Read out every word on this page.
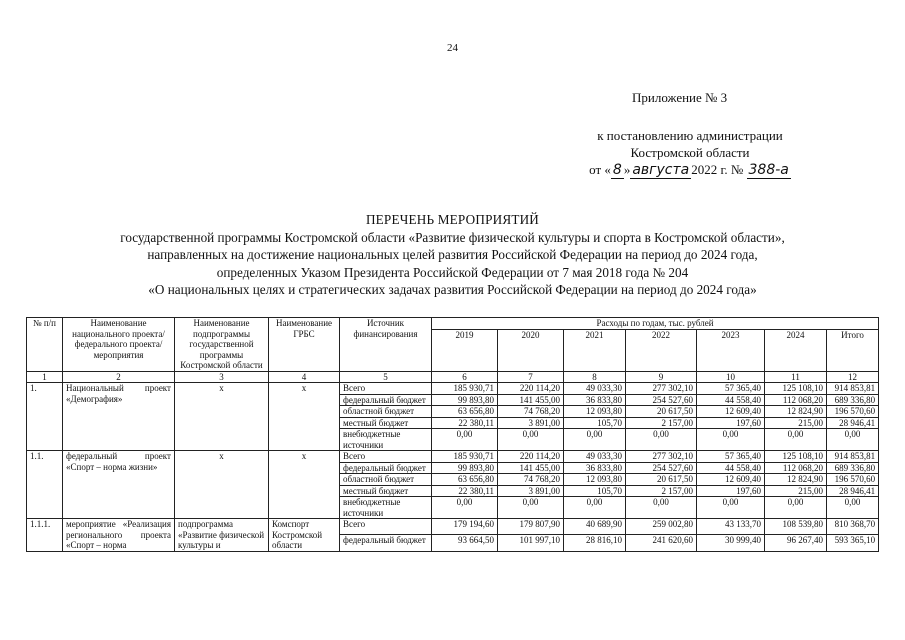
24
Приложение № 3
к постановлению администрации
Костромской области
от « 8 » августа 2022 г. № 388-а
ПЕРЕЧЕНЬ МЕРОПРИЯТИЙ
государственной программы Костромской области «Развитие физической культуры и спорта в Костромской области»,
направленных на достижение национальных целей развития Российской Федерации на период до 2024 года,
определенных Указом Президента Российской Федерации от 7 мая 2018 года № 204
«О национальных целях и стратегических задачах развития Российской Федерации на период до 2024 года»
№ п/п	Наименование национального проекта/федерального проекта/мероприятия	Наименование подпрограммы государственной программы Костромской области	Наименование ГРБС	Источник финансирования	Расходы по годам, тыс. рублей						
					2019	2020	2021	2022	2023	2024	Итого
1	2	3	4	5	6	7	8	9	10	11	12
1.	Национальный проект «Демография»	х	х	Всего	185 930,71	220 114,20	49 033,30	277 302,10	57 365,40	125 108,10	914 853,81
				федеральный бюджет	99 893,80	141 455,00	36 833,80	254 527,60	44 558,40	112 068,20	689 336,80
				областной бюджет	63 656,80	74 768,20	12 093,80	20 617,50	12 609,40	12 824,90	196 570,60
				местный бюджет	22 380,11	3 891,00	105,70	2 157,00	197,60	215,00	28 946,41
				внебюджетные источники	0,00	0,00	0,00	0,00	0,00	0,00	0,00
1.1.	федеральный проект «Спорт – норма жизни»	х	х	Всего	185 930,71	220 114,20	49 033,30	277 302,10	57 365,40	125 108,10	914 853,81
				федеральный бюджет	99 893,80	141 455,00	36 833,80	254 527,60	44 558,40	112 068,20	689 336,80
				областной бюджет	63 656,80	74 768,20	12 093,80	20 617,50	12 609,40	12 824,90	196 570,60
				местный бюджет	22 380,11	3 891,00	105,70	2 157,00	197,60	215,00	28 946,41
				внебюджетные источники	0,00	0,00	0,00	0,00	0,00	0,00	0,00
1.1.1.	мероприятие «Реализация регионального проекта «Спорт – норма	подпрограмма «Развитие физической культуры и	Комспорт Костромской области	Всего	179 194,60	179 807,90	40 689,90	259 002,80	43 133,70	108 539,80	810 368,70
				федеральный бюджет	93 664,50	101 997,10	28 816,10	241 620,60	30 999,40	96 267,40	593 365,10
